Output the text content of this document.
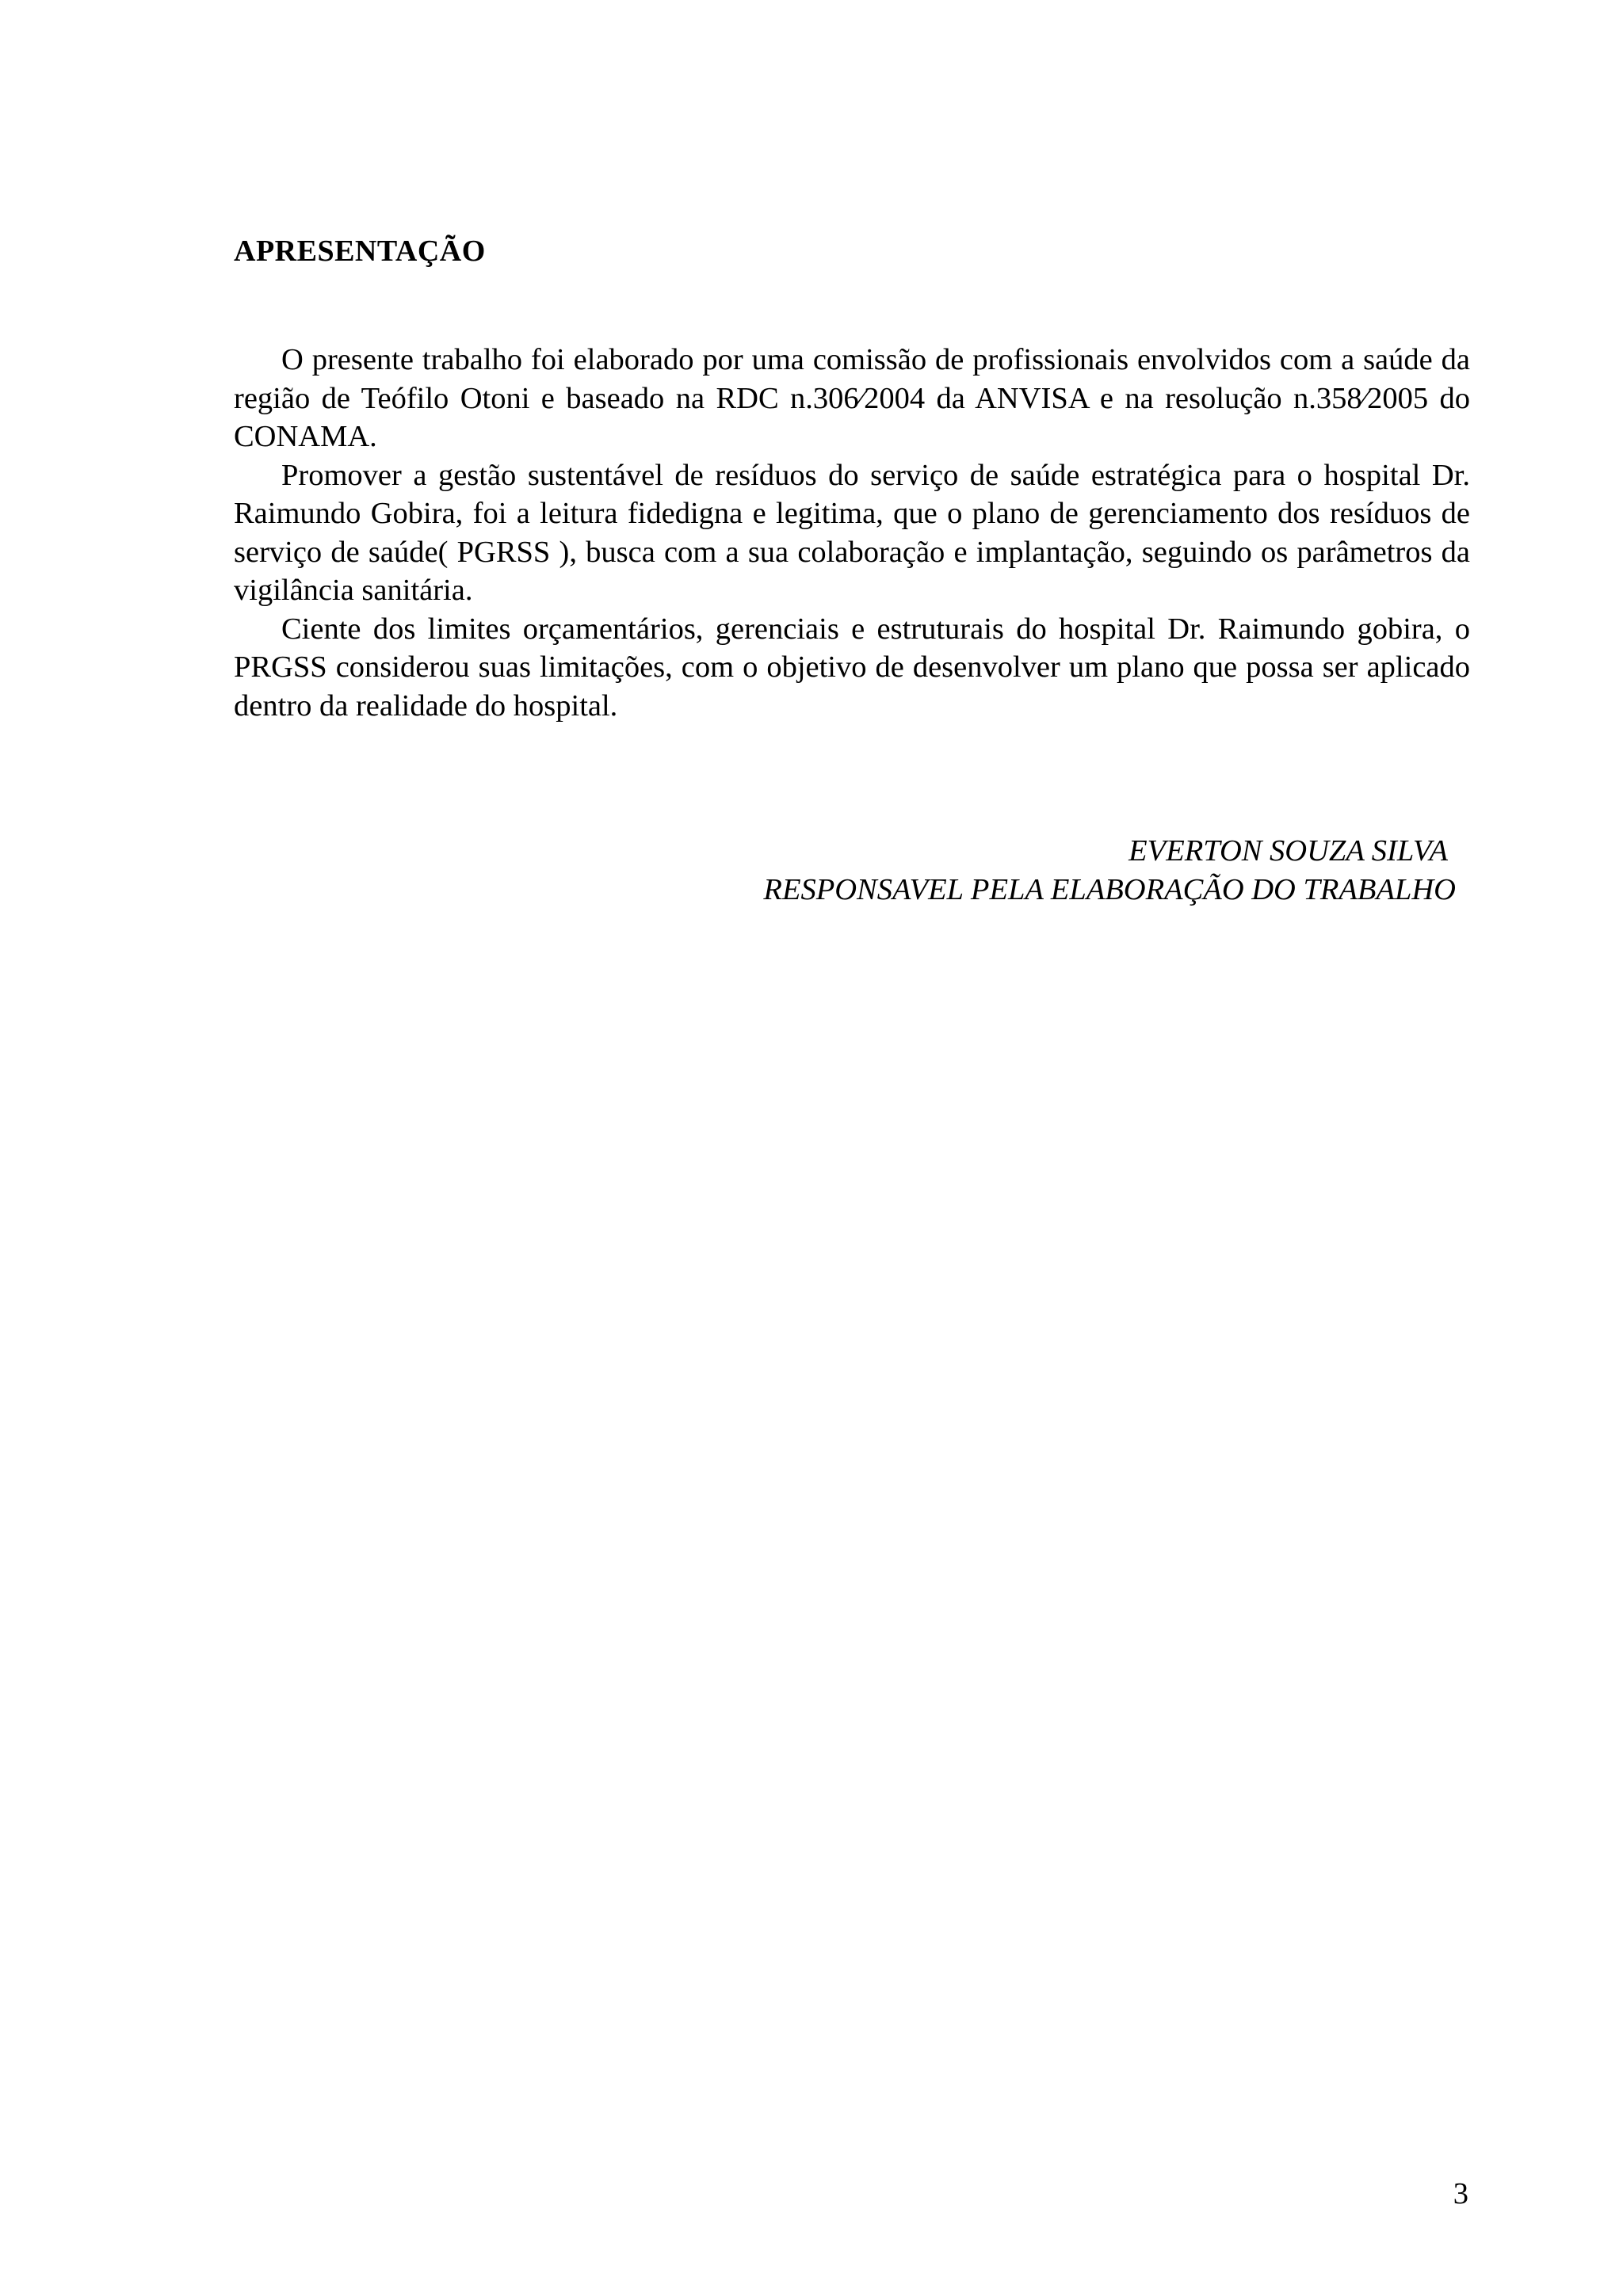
APRESENTAÇÃO

O presente trabalho foi elaborado por uma comissão de profissionais envolvidos com a saúde da região de Teófilo Otoni e baseado na RDC n.306⁄2004 da ANVISA e na resolução n.358⁄2005 do CONAMA.

Promover a gestão sustentável de resíduos do serviço de saúde estratégica para o hospital Dr. Raimundo Gobira, foi a leitura fidedigna e legitima, que o plano de gerenciamento dos resíduos de serviço de saúde( PGRSS ), busca com a sua colaboração e implantação, seguindo os parâmetros da vigilância sanitária.

Ciente dos limites orçamentários, gerenciais e estruturais do hospital Dr. Raimundo gobira, o PRGSS considerou suas limitações, com o objetivo de desenvolver um plano que possa ser aplicado dentro da realidade do hospital.

EVERTON SOUZA SILVA
RESPONSAVEL PELA ELABORAÇÃO DO TRABALHO
3
